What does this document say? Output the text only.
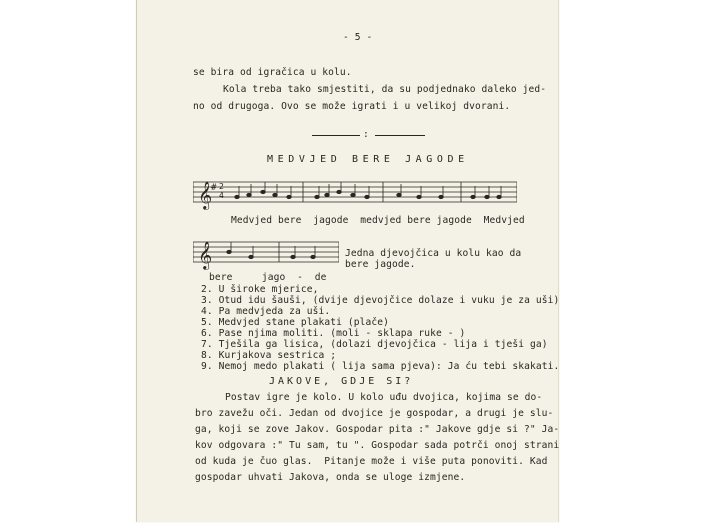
- 5 -
se bira od igračica u kolu.
Kola treba tako smjestiti, da su podjednako daleko jed-
no od drugoga. Ovo se može igrati i u velikoj dvorani.
:
MEDVJED BERE JAGODE
𝄞
# 2
4
Medvjed bere  jagode  medvjed bere jagode  Medvjed
𝄞	Jedna djevojčica u kolu kao da
bere jagode.
bere     jago  -  de
2. U široke mjerice,
3. Otud idu šauši, (dvije djevojčice dolaze i vuku je za uši)
4. Pa medvjeda za uši.
5. Medvjed stane plakati (plače)
6. Pase njima moliti. (moli - sklapa ruke - )
7. Tješila ga lisica, (dolazi djevojčica - lija i tješi ga)
8. Kurjakova sestrica ;
9. Nemoj medo plakati ( lija sama pjeva): Ja ću tebi skakati.
JAKOVE, GDJE SI?
Postav igre je kolo. U kolo uđu dvojica, kojima se do-
bro zavežu oči. Jedan od dvojice je gospodar, a drugi je slu-
ga, koji se zove Jakov. Gospodar pita :" Jakove gdje si ?" Ja-
kov odgovara :" Tu sam, tu ". Gospodar sada potrči onoj strani
od kuda je čuo glas.  Pitanje može i više puta ponoviti. Kad
gospodar uhvati Jakova, onda se uloge izmjene.
